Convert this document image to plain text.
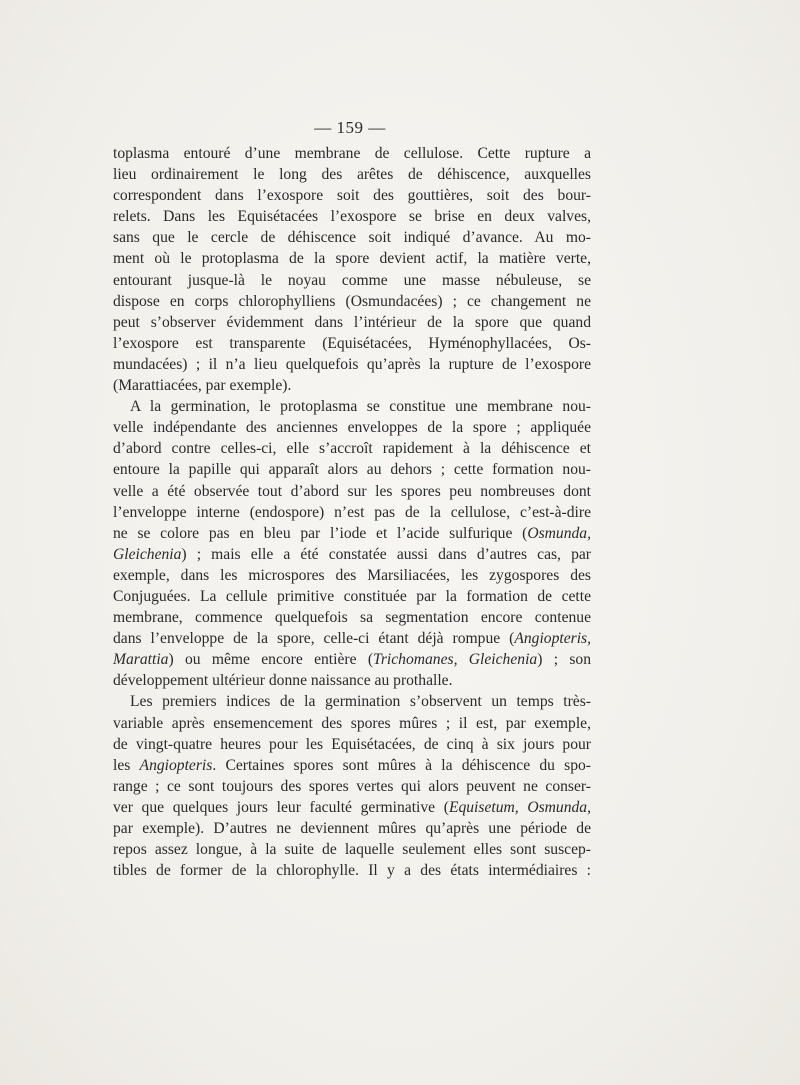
— 159 —
toplasma entouré d’une membrane de cellulose. Cette rupture a
lieu ordinairement le long des arêtes de déhiscence, auxquelles
correspondent dans l’exospore soit des gouttières, soit des bour-
relets. Dans les Equisétacées l’exospore se brise en deux valves,
sans que le cercle de déhiscence soit indiqué d’avance. Au mo-
ment où le protoplasma de la spore devient actif, la matière verte,
entourant jusque-là le noyau comme une masse nébuleuse, se
dispose en corps chlorophylliens (Osmundacées) ; ce changement ne
peut s’observer évidemment dans l’intérieur de la spore que quand
l’exospore est transparente (Equisétacées, Hyménophyllacées, Os-
mundacées) ; il n’a lieu quelquefois qu’après la rupture de l’exospore
(Marattiacées, par exemple).
A la germination, le protoplasma se constitue une membrane nou-
velle indépendante des anciennes enveloppes de la spore ; appliquée
d’abord contre celles-ci, elle s’accroît rapidement à la déhiscence et
entoure la papille qui apparaît alors au dehors ; cette formation nou-
velle a été observée tout d’abord sur les spores peu nombreuses dont
l’enveloppe interne (endospore) n’est pas de la cellulose, c’est-à-dire
ne se colore pas en bleu par l’iode et l’acide sulfurique (Osmunda,
Gleichenia) ; mais elle a été constatée aussi dans d’autres cas, par
exemple, dans les microspores des Marsiliacées, les zygospores des
Conjuguées. La cellule primitive constituée par la formation de cette
membrane, commence quelquefois sa segmentation encore contenue
dans l’enveloppe de la spore, celle-ci étant déjà rompue (Angiopteris,
Marattia) ou même encore entière (Trichomanes, Gleichenia) ; son
développement ultérieur donne naissance au prothalle.
Les premiers indices de la germination s’observent un temps très-
variable après ensemencement des spores mûres ; il est, par exemple,
de vingt-quatre heures pour les Equisétacées, de cinq à six jours pour
les Angiopteris. Certaines spores sont mûres à la déhiscence du spo-
range ; ce sont toujours des spores vertes qui alors peuvent ne conser-
ver que quelques jours leur faculté germinative (Equisetum, Osmunda,
par exemple). D’autres ne deviennent mûres qu’après une période de
repos assez longue, à la suite de laquelle seulement elles sont suscep-
tibles de former de la chlorophylle. Il y a des états intermédiaires :
